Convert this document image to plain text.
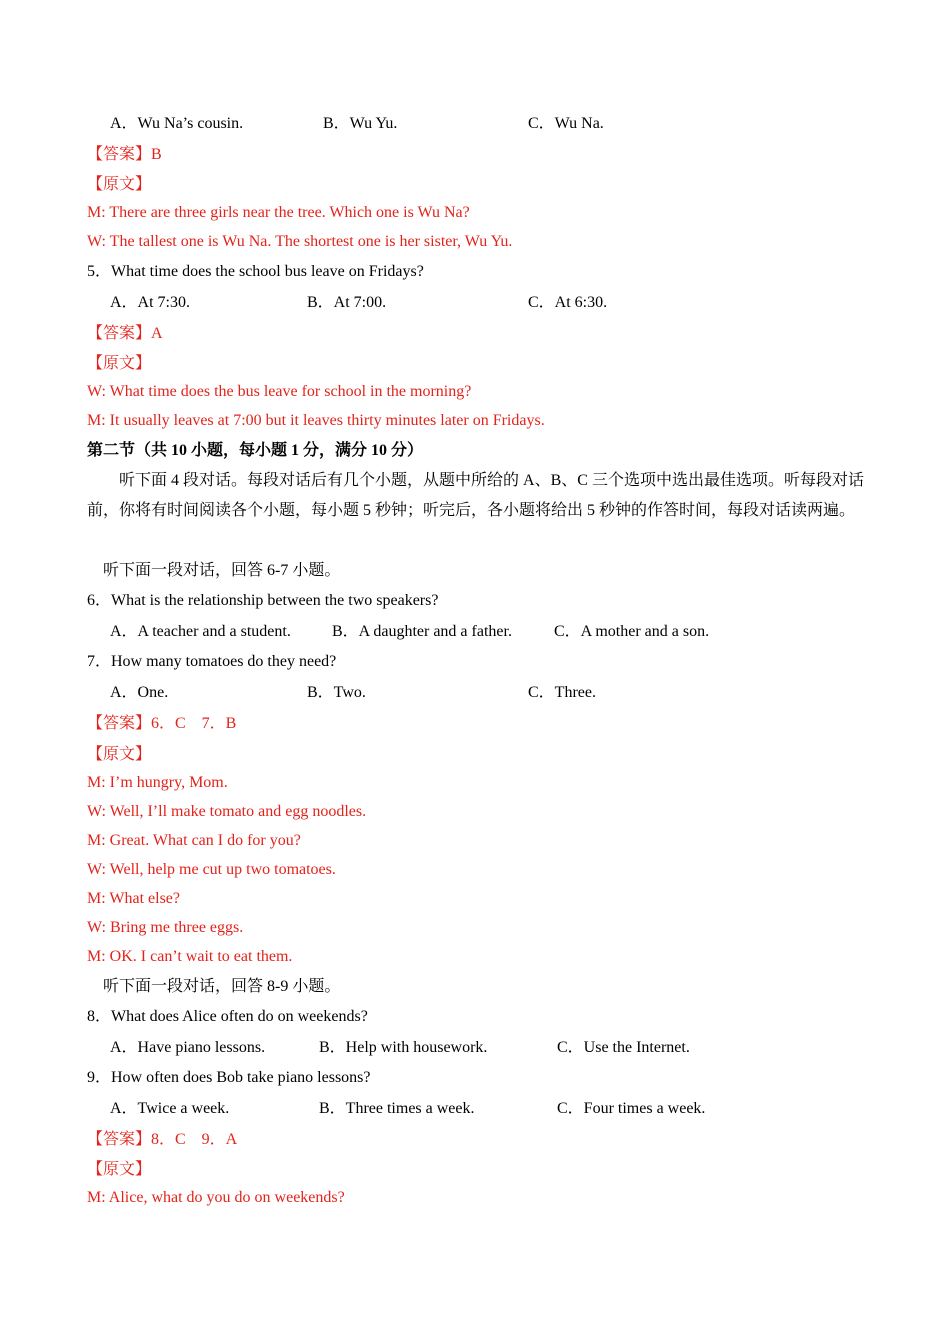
A．Wu Na’s cousin.	B．Wu Yu.	C．Wu Na.
【答案】B
【原文】
M: There are three girls near the tree. Which one is Wu Na?
W: The tallest one is Wu Na. The shortest one is her sister, Wu Yu.
5．What time does the school bus leave on Fridays?
A．At 7:30.	B．At 7:00.	C．At 6:30.
【答案】A
【原文】
W: What time does the bus leave for school in the morning?
M: It usually leaves at 7:00 but it leaves thirty minutes later on Fridays.
第二节（共 10 小题，每小题 1 分，满分 10 分）
听下面 4 段对话。每段对话后有几个小题，从题中所给的 A、B、C 三个选项中选出最佳选项。听每段对话前，你将有时间阅读各个小题，每小题 5 秒钟；听完后，各小题将给出 5 秒钟的作答时间，每段对话读两遍。
听下面一段对话，回答 6-7 小题。
6．What is the relationship between the two speakers?
A．A teacher and a student.	B．A daughter and a father.	C．A mother and a son.
7．How many tomatoes do they need?
A．One.	B．Two.	C．Three.
【答案】6．C　7．B
【原文】
M: I’m hungry, Mom.
W: Well, I’ll make tomato and egg noodles.
M: Great. What can I do for you?
W: Well, help me cut up two tomatoes.
M: What else?
W: Bring me three eggs.
M: OK. I can’t wait to eat them.
听下面一段对话，回答 8-9 小题。
8．What does Alice often do on weekends?
A．Have piano lessons.	B．Help with housework.	C．Use the Internet.
9．How often does Bob take piano lessons?
A．Twice a week.	B．Three times a week.	C．Four times a week.
【答案】8．C　9．A
【原文】
M: Alice, what do you do on weekends?
